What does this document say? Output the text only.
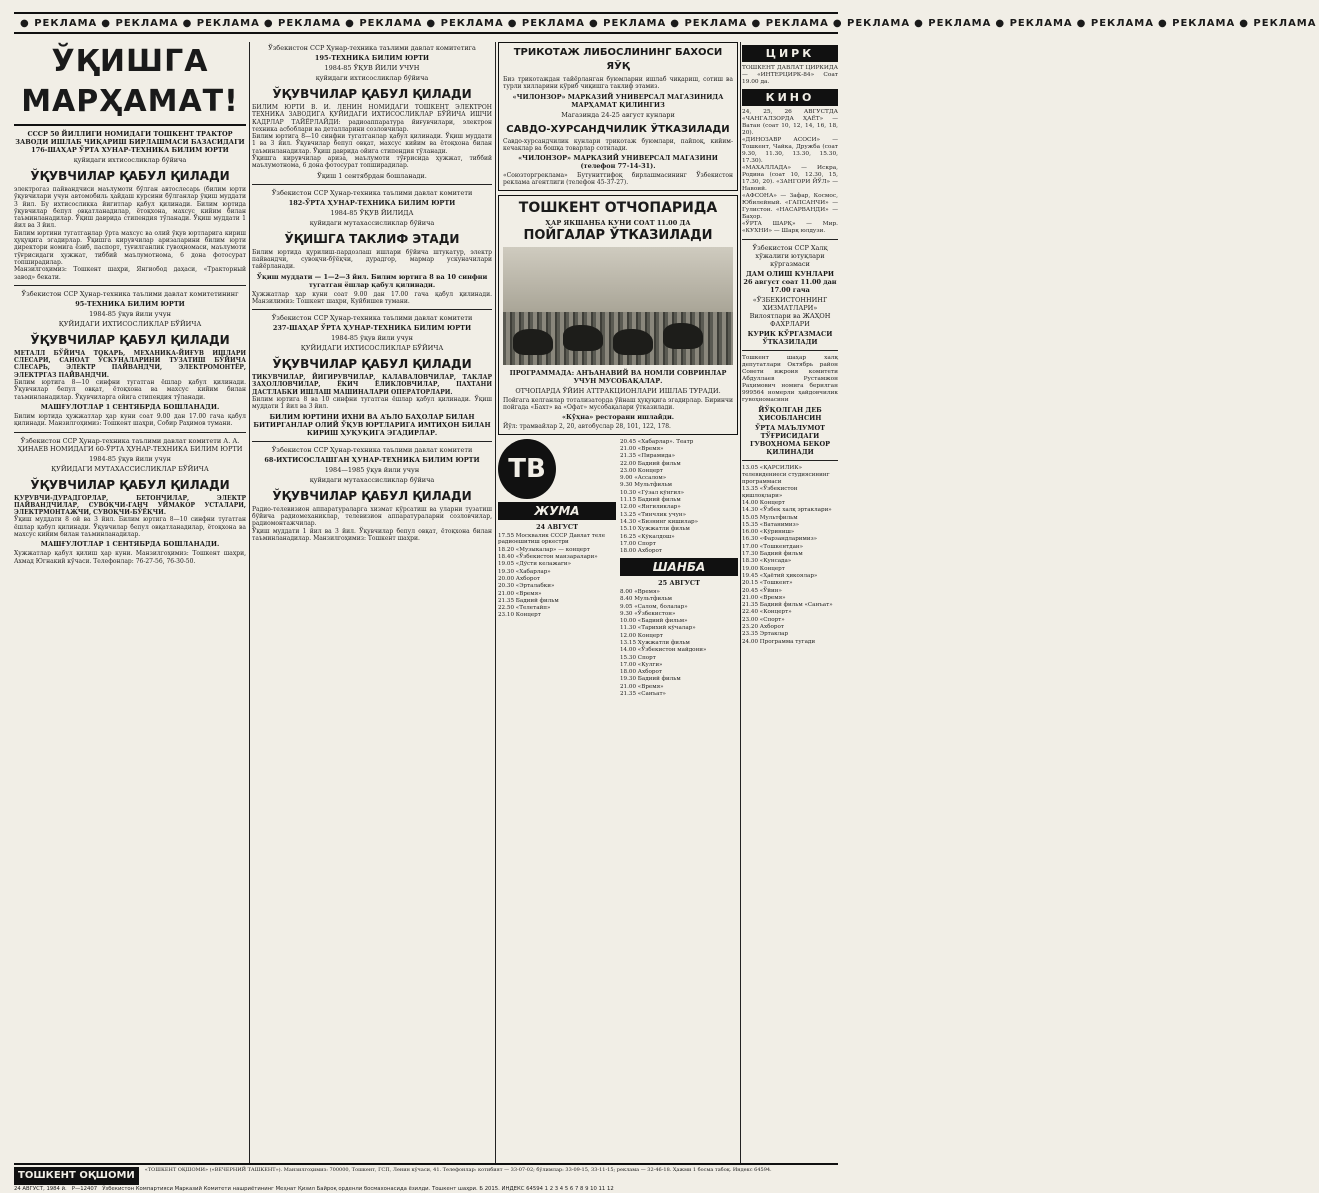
● РЕКЛАМА ● РЕКЛАМА ● РЕКЛАМА ● РЕКЛАМА ● РЕКЛАМА ● РЕКЛАМА ● РЕКЛАМА ● РЕКЛАМА ● РЕКЛАМА ● РЕКЛАМА ● РЕКЛАМА ● РЕКЛАМА ● РЕКЛАМА ● РЕКЛАМА ● РЕКЛАМА ● РЕКЛАМА
ЎҚИШГА МАРҲАМАТ!
СССР 50 ЙИЛЛИГИ НОМИДАГИ ТОШКЕНТ ТРАКТОР ЗАВОДИ ИШЛАБ ЧИҚАРИШ БИРЛАШМАСИ БАЗАСИДАГИ 176-ШАҲАР ЎРТА ХУНАР-ТЕХНИКА БИЛИМ ЮРТИ
қуйидаги ихтисосликлар бўйича
ЎҚУВЧИЛАР ҚАБУЛ ҚИЛАДИ

электрогаз пайвандчиси маълумоти бўлган автослесарь (билим юрти ўқувчилари учун автомобиль ҳайдаш курсини бўлганлар ўқиш муддати 3 йил. Бу ихтисосликка йигитлар қабул қилинади. Билим юртида ўқувчилар бепул овқатланадилар, ётоқхона, махсус кийим билан таъминланадилар. Ўқиш даврида стипендия тўланади. Ўқиш муддати 1 йил ва 3 йил.

Билим юртини тугатганлар ўрта махсус ва олий ўқув юртларига кириш ҳуқуқига эгадирлар. Ўқишга кирувчилар аризаларини билим юрти директори номига ёзиб, паспорт, туғилганлик гувоҳномаси, маълумоти тўғрисидаги ҳужжат, тиббий маълумотнома, 6 дона фотосурат топширадилар.

Манзилгоҳимиз: Тошкент шаҳри, Янгиобод даҳаси, «Тракторный завод» бекати.

Ўзбекистон ССР Ҳунар-техника таълими давлат комитетининг
95-ТЕХНИКА БИЛИМ ЮРТИ
1984-85 ўқув йили учун
ҚУЙИДАГИ ИХТИСОСЛИКЛАР БЎЙИЧА
ЎҚУВЧИЛАР ҚАБУЛ ҚИЛАДИ

МЕТАЛЛ БЎЙИЧА ТОКАРЬ, МЕХАНИКА-ЙИҒУВ ИШЛАРИ СЛЕСАРИ, САНОАТ ЎСКУНАЛАРИНИ ТУЗАТИШ БЎЙИЧА СЛЕСАРЬ, ЭЛЕКТР ПАЙВАНДЧИ, ЭЛЕКТРОМОНТЁР, ЭЛЕКТРГАЗ ПАЙВАНДЧИ.

Билим юртига 8—10 синфни тугатган ёшлар қабул қилинади. Ўқувчилар бепул овқат, ётоқхона ва махсус кийим билан таъминланадилар. Ўқувчиларга ойига стипендия тўланади.

МАШҒУЛОТЛАР 1 СЕНТЯБРДА БОШЛАНАДИ.

Билим юртида ҳужжатлар ҳар куни соат 9.00 дан 17.00 гача қабул қилинади. Манзилгоҳимиз: Тошкент шаҳри, Собир Раҳимов тумани.

Ўзбекистон ССР Ҳунар-техника таълими давлат комитети А. А. ҲИНАЕВ НОМИДАГИ 60-ЎРТА ҲУНАР-ТЕХНИКА БИЛИМ ЮРТИ
1984-85 ўқув йили учун
ҚУЙИДАГИ МУТАХАССИСЛИКЛАР БЎЙИЧА
ЎҚУВЧИЛАР ҚАБУЛ ҚИЛАДИ

ҚУРУВЧИ-ДУРАДГОРЛАР, БЕТОНЧИЛАР, ЭЛЕКТР ПАЙВАНДЧИЛАР, СУВОҚЧИ-ГАНЧ УЙМАКОР УСТАЛАРИ, ЭЛЕКТРМОНТАЖЧИ, СУВОҚЧИ-БЎЁҚЧИ.

Ўқиш муддати 8 ой ва 3 йил. Билим юртига 8—10 синфни тугатган ёшлар қабул қилинади. Ўқувчилар бепул овқатланадилар, ётоқхона ва махсус кийим билан таъминланадилар.

МАШҒУЛОТЛАР 1 СЕНТЯБРДА БОШЛАНАДИ.

Хужжатлар қабул қилиш ҳар куни. Манзилгоҳимиз: Тошкент шаҳри, Ахмад Югнакий кўчаси. Телефонлар: 76-27-56, 76-30-50.

Ўзбекистон ССР Ҳунар-техника таълими давлат комитетига
195-ТЕХНИКА БИЛИМ ЮРТИ
1984-85 ЎҚУВ ЙИЛИ УЧУН
қуйидаги ихтисосликлар бўйича
ЎҚУВЧИЛАР ҚАБУЛ ҚИЛАДИ

БИЛИМ ЮРТИ В. И. ЛЕНИН НОМИДАГИ ТОШКЕНТ ЭЛЕКТРОН ТЕХНИКА ЗАВОДИГА ҚУЙИДАГИ ИХТИСОСЛИКЛАР БЎЙИЧА ИШЧИ КАДРЛАР ТАЙЁРЛАЙДИ: радиоаппаратура йиғувчилари, электрон техника асбоблари ва деталларини созловчилар.

Билим юртига 8—10 синфни тугатганлар қабул қилинади. Ўқиш муддати 1 ва 3 йил. Ўқувчилар бепул овқат, махсус кийим ва ётоқхона билан таъминланадилар. Ўқиш даврида ойига стипендия тўланади.

Ўқишга кирувчилар ариза, маълумоти тўғрисида ҳужжат, тиббий маълумотнома, 6 дона фотосурат топширадилар.

Ўқиш 1 сентябрдан бошланади.
Ўзбекистон ССР Ҳунар-техника таълими давлат комитети
182-ЎРТА ҲУНАР-ТЕХНИКА БИЛИМ ЮРТИ
1984-85 ЎҚУВ ЙИЛИДА
қуйидаги мутахассисликлар бўйича
ЎҚИШГА ТАКЛИФ ЭТАДИ

Билим юртида қурилиш-пардозлаш ишлари бўйича штукатур, электр пайвандчи, сувоқчи-бўёқчи, дурадгор, мармар ускуначилари тайёрланади.

Ўқиш муддати — 1—2—3 йил. Билим юртига 8 ва 10 синфни тугатган ёшлар қабул қилинади.

Ҳужжатлар ҳар куни соат 9.00 дан 17.00 гача қабул қилинади. Манзилимиз: Тошкент шаҳри, Куйбишев тумани.

Ўзбекистон ССР Ҳунар-техника таълими давлат комитети
237-ШАҲАР ЎРТА ҲУНАР-ТЕХНИКА БИЛИМ ЮРТИ
1984-85 ўқув йили учун
ҚУЙИДАГИ ИХТИСОСЛИКЛАР БЎЙИЧА
ЎҚУВЧИЛАР ҚАБУЛ ҚИЛАДИ

ТИКУВЧИЛАР, ЙИГИРУВЧИЛАР, КАЛАВАЛОВЧИЛАР, ТАКЛАР ЗАҲОЛЛОВЧИЛАР, ЁКИЧ ЁЛИКЛОВЧИЛАР, ПАХТАНИ ДАСТЛАБКИ ИШЛАШ МАШИНАЛАРИ ОПЕРАТОРЛАРИ.

Билим юртига 8 ва 10 синфни тугатган ёшлар қабул қилинади. Ўқиш муддати 1 йил ва 3 йил.

БИЛИМ ЮРТИНИ ИХНИ ВА АЪЛО БАҲОЛАР БИЛАН БИТИРГАНЛАР ОЛИЙ ЎҚУВ ЮРТЛАРИГА ИМТИҲОН БИЛАН КИРИШ ҲУҚУҚИГА ЭГАДИРЛАР.
Ўзбекистон ССР Ҳунар-техника таълими давлат комитети
68-ИХТИСОСЛАШГАН ҲУНАР-ТЕХНИКА БИЛИМ ЮРТИ
1984—1985 ўқув йили учун
қуйидаги мутахассисликлар бўйича
ЎҚУВЧИЛАР ҚАБУЛ ҚИЛАДИ

Радио-телевизион аппаратураларга хизмат кўрсатиш ва уларни тузатиш бўйича радиомеханиклар, телевизион аппаратураларни созловчилар, радиомонтажчилар.

Ўқиш муддати 1 йил ва 3 йил. Ўқувчилар бепул овқат, ётоқхона билан таъминланадилар. Манзилгоҳимиз: Тошкент шаҳри.

ТРИКОТАЖ ЛИБОСЛИНИНГ БАХОСИ ЯЎҚ

Биз трикотаждан тайёрланган буюмларни ишлаб чиқариш, сотиш ва турли хилларини кўриб чиқишга таклиф этамиз.

«ЧИЛОНЗОР» МАРКАЗИЙ УНИВЕРСАЛ МАГАЗИНИДА МАРҲАМАТ ҚИЛИНГИЗ
Магазинда 24-25 август кунлари
САВДО-ХУРСАНДЧИЛИК ЎТКАЗИЛАДИ

Савдо-хурсандчилик кунлари трикотаж буюмлари, пайпоқ, кийим-кечаклар ва бошқа товарлар сотилади.

«ЧИЛОНЗОР» МАРКАЗИЙ УНИВЕРСАЛ МАГАЗИНИ (телефон 77-14-31).

«Союзторгреклама» Бутуниттифоқ бирлашмасининг Ўзбекистон реклама агентлиги (телефон 45-37-27).

ТОШКЕНТ ОТЧОПАРИДА
ҲАР ЯКШАНБА КУНИ СОАТ 11.00 ДА
ПОЙГАЛАР ЎТКАЗИЛАДИ
ПРОГРАММАДА: АНЪАНАВИЙ ВА НОМЛИ СОВРИНЛАР УЧУН МУСОБАҚАЛАР.
ОТЧОПАРДА ЎЙИН АТТРАКЦИОНЛАРИ ИШЛАБ ТУРАДИ.

Пойгага келганлар тотализаторда ўйнаш ҳуқуқига эгадирлар. Биринчи пойгада «Бахт» ва «Офат» мусобақалари ўтказилади.

«Кўҳна» ресторани ишлайди.

Йўл: трамвайлар 2, 20, автобуслар 28, 101, 122, 178.

ТВ
ЖУМА
24 АВГУСТ
17.55 Москвалик СССР Давлат теле радиоешитиш оркестри
18.20 «Музыкалар» — концерт
18.40 «Ўзбекистон манзаралари»
19.05 «Дўсти келажаги»
19.30 «Хабарлар»
20.00 Ахборот
20.30 «Эрталабки»
21.00 «Время»
21.35 Бадиий фильм
22.50 «Телетайп»
23.10 Концерт
20.45 «Хабарлар». Театр
21.00 «Время»
21.35 «Пирамида»
22.00 Бадиий фильм
23.00 Концерт
9.00 «Ассалом»
9.30 Мультфильм
10.30 «Гўзал кўнгил»
11.15 Бадиий фильм
12.00 «Янгиликлар»
13.25 «Тинчлик учун»
14.30 «Бизнинг кишилар»
15.10 Хужжатли фильм
16.25 «Кўкалдош»
17.00 Спорт
18.00 Ахборот
ШАНБА
25 АВГУСТ
8.00 «Время»
8.40 Мультфильм
9.05 «Салом, болалар»
9.30 «Ўзбекистон»
10.00 «Бадиий фильм»
11.30 «Тарихий кўчалар»
12.00 Концерт
13.15 Хужжатли фильм
14.00 «Ўзбекистон майдони»
15.30 Спорт
17.00 «Кулги»
18.00 Ахборот
19.30 Бадиий фильм
21.00 «Время»
21.35 «Санъат»
ЦИРК

ТОШКЕНТ ДАВЛАТ ЦИРКИДА — «ИНТЕРЦИРК-84» Соат 19.00 да.

КИНО

24, 25, 26 АВГУСТДА «ЧАНГАЛЗОРДА ҲАЁТ» — Ватан (соат 10, 12, 14, 16, 18, 20).

«ДИНОЗАВР АСОСИ» — Тошкент, Чайка, Дружба (соат 9.30, 11.30, 13.30, 15.30, 17.30).

«МАХАЛЛАДА» — Искра, Родина (соат 10, 12.30, 15, 17.30, 20). «ЗАНГОРИ ЙЎЛ» — Навоий.

«АФСОНА» — Зафар, Космос, Юбилейный. «ГАПСАНЧИ» — Гулистон. «НАСАРВАНДИ» — Баҳор.

«ЎРТА ШАРҚ» — Мир. «КУХНИ» — Шарқ юлдузи.

Ўзбекистон ССР Халқ хўжалиги ютуқлари кўргазмаси
ДАМ ОЛИШ КУНЛАРИ 26 август соат 11.00 дан 17.00 гача
«ЎЗБЕКИСТОННИНГ ХИЗМАТЛАРИ» Вилоятлари ва ЖАҲОН ФАХРЛАРИ
КУРИК КЎРГАЗМАСИ ЎТКАЗИЛАДИ

Тошкент шаҳар халқ депутатлари Октябрь район Совети ижроия комитети Абдуллаев Рустамжон Раҳимович номига берилган 999564 номерли ҳайдовчилик гувоҳномасини

ЙЎҚОЛГАН ДЕБ ҲИСОБЛАНСИН
ЎРТА МАЪЛУМОТ ТЎҒРИСИДАГИ ГУВОҲНОМА БЕКОР ҚИЛИНАДИ
13.05 «ҚАРСИЛИК» телевидениеси студиясининг программаси
13.35 «Ўзбекистон қишлоқлари»
14.00 Концерт
14.30 «Ўзбек халқ эртаклари»
15.05 Мультфильм
15.35 «Ватанимиз»
16.00 «Кўриниш»
16.30 «Фарзандларимиз»
17.00 «Тошкентдан»
17.30 Бадиий фильм
18.30 «Кунсада»
19.00 Концерт
19.45 «Ҳаётий ҳикоялар»
20.15 «Тошкент»
20.45 «Ўйин»
21.00 «Время»
21.35 Бадиий фильм «Санъат»
22.40 «Концерт»
23.00 «Спорт»
23.20 Ахборот
23.35 Эртаклар
24.00 Программа тугади
ТОШКЕНТ ОҚШОМИ	«ТОШКЕНТ ОҚШОМИ» («ВЕЧЕРНИЙ ТАШКЕНТ»). Манзилгоҳимиз: 700000, Тошкент, ГСП, Ленин кўчаси, 41. Телефонлар: котибият — 33-07-02; бўлимлар: 33-09-15, 33-11-15; реклама — 32-46-18. Ҳажми 1 босма табоқ. Индекс 64594.
24 АВГУСТ, 1984 й. Р—12407 Ўзбекистон Компартияси Марказий Комитети нашриётининг Меҳнат Қизил Байроқ орденли босмахонасида ёзилди. Тошкент шаҳри. Б 2015. ИНДЕКС 64594 1 2 3 4 5 6 7 8 9 10 11 12
